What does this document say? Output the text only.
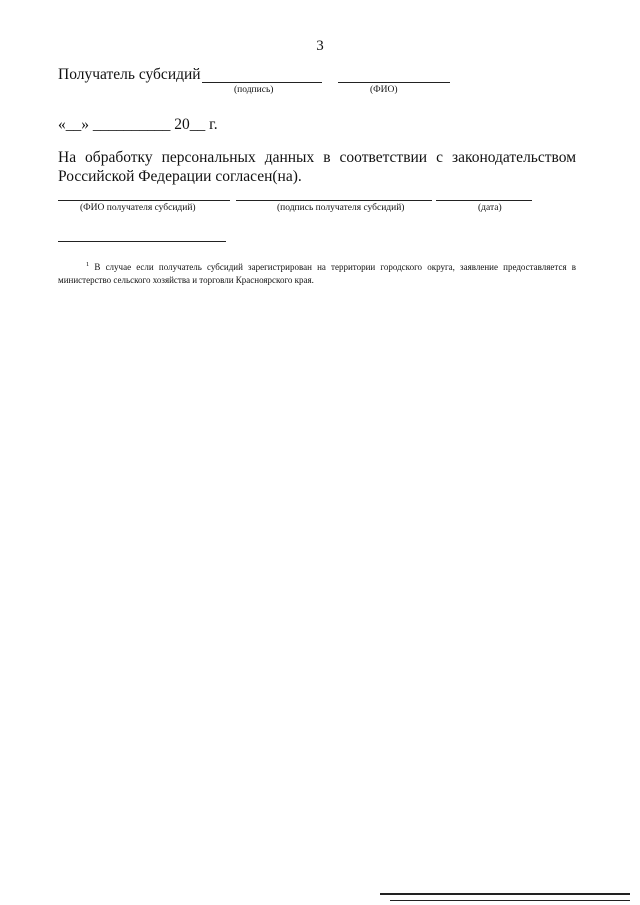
3
Получатель субсидий
(подпись)	(ФИО)
«__» __________ 20__ г.
На обработку персональных данных в соответствии с законодательством Российской Федерации согласен(на).
(ФИО получателя субсидий)	(подпись получателя субсидий)	(дата)
$^1$ В случае если получатель субсидий зарегистрирован на территории городского округа, заявление предоставляется в министерство сельского хозяйства и торговли Красноярского края.
